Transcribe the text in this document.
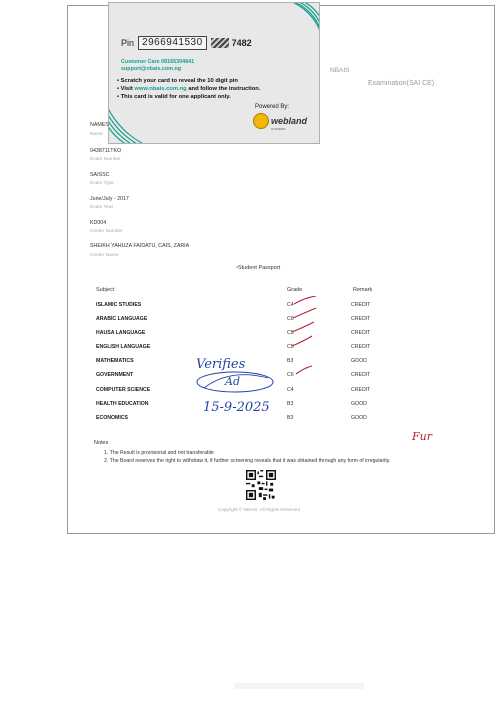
Pin 2966941530	7482
Customer Care 08165304841
support@nbais.com.ng
• Scratch your card to reveal the 10 digit pin
• Visit www.nbais.com.ng and follow the instruction.
• This card is valid for one applicant only.
Powered By:
webland
SYSTEMS
NBAIS
Examination(SAI CE)
NAMES
Name
0438711TKO
Exam Number
SAISSC
Exam Type
June/July - 2017
Exam Year
KD004
Center Number
SHEIKH YAHUZA FAIDATU, CAIS, ZARIA
Center Name
▫Student Passport
Subject	Grade	Remark
ISLAMIC STUDIES	C4	CREDIT
ARABIC LANGUAGE	C6	CREDIT
HAUSA LANGUAGE	C5	CREDIT
ENGLISH LANGUAGE	C5	CREDIT
MATHEMATICS	B3	GOOD
GOVERNMENT	C6	CREDIT
COMPUTER SCIENCE	C4	CREDIT
HEALTH EDUCATION	B3	GOOD
ECONOMICS	B3	GOOD
Verifies
Ad
15-9-2025
Fur
Notes
1. The Result is provisional and not transferable
2. The Board reserves the right to withdraw it, if further screening reveals that it was obtained through any form of irregularity.
Copyright © NBAIS. All Rights Reserved
